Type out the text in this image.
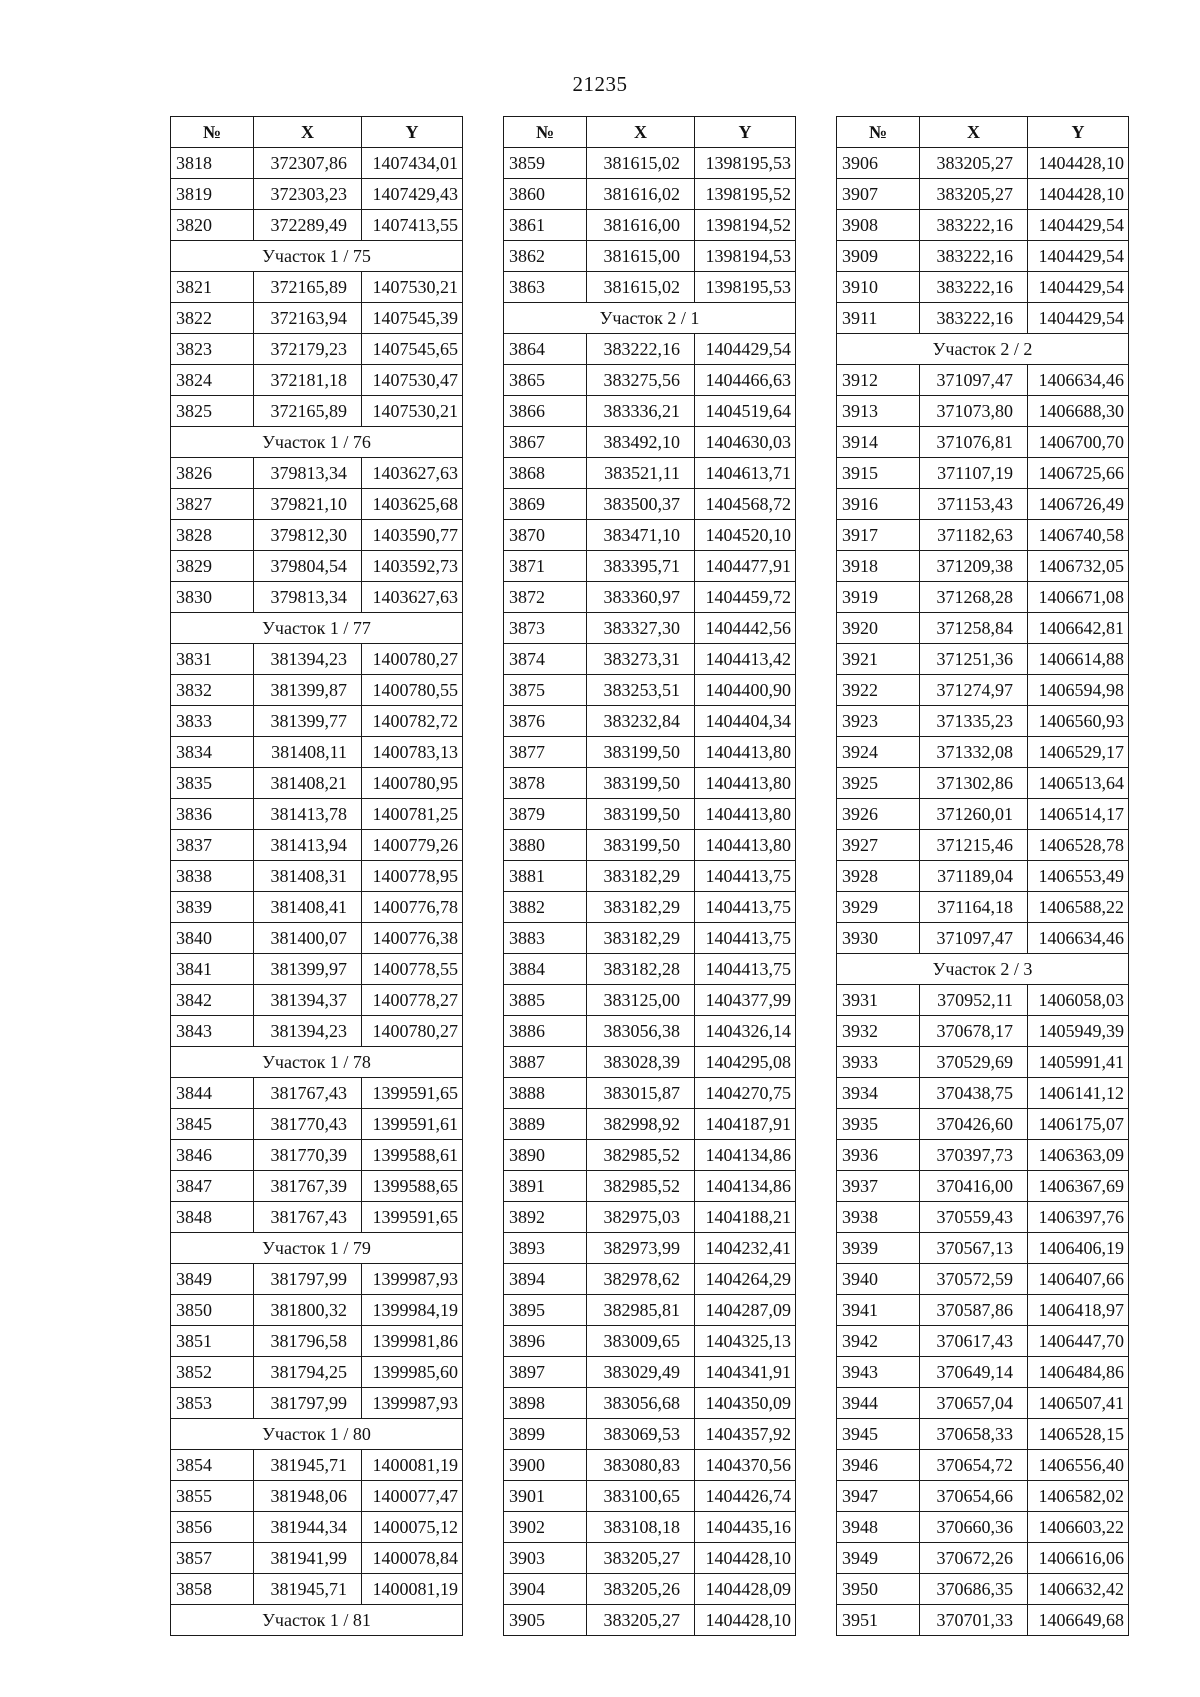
21235
№	X	Y
3818	372307,86	1407434,01
3819	372303,23	1407429,43
3820	372289,49	1407413,55
Участок 1 / 75		
3821	372165,89	1407530,21
3822	372163,94	1407545,39
3823	372179,23	1407545,65
3824	372181,18	1407530,47
3825	372165,89	1407530,21
Участок 1 / 76		
3826	379813,34	1403627,63
3827	379821,10	1403625,68
3828	379812,30	1403590,77
3829	379804,54	1403592,73
3830	379813,34	1403627,63
Участок 1 / 77		
3831	381394,23	1400780,27
3832	381399,87	1400780,55
3833	381399,77	1400782,72
3834	381408,11	1400783,13
3835	381408,21	1400780,95
3836	381413,78	1400781,25
3837	381413,94	1400779,26
3838	381408,31	1400778,95
3839	381408,41	1400776,78
3840	381400,07	1400776,38
3841	381399,97	1400778,55
3842	381394,37	1400778,27
3843	381394,23	1400780,27
Участок 1 / 78		
3844	381767,43	1399591,65
3845	381770,43	1399591,61
3846	381770,39	1399588,61
3847	381767,39	1399588,65
3848	381767,43	1399591,65
Участок 1 / 79		
3849	381797,99	1399987,93
3850	381800,32	1399984,19
3851	381796,58	1399981,86
3852	381794,25	1399985,60
3853	381797,99	1399987,93
Участок 1 / 80		
3854	381945,71	1400081,19
3855	381948,06	1400077,47
3856	381944,34	1400075,12
3857	381941,99	1400078,84
3858	381945,71	1400081,19
Участок 1 / 81		
№	X	Y
3859	381615,02	1398195,53
3860	381616,02	1398195,52
3861	381616,00	1398194,52
3862	381615,00	1398194,53
3863	381615,02	1398195,53
Участок 2 / 1		
3864	383222,16	1404429,54
3865	383275,56	1404466,63
3866	383336,21	1404519,64
3867	383492,10	1404630,03
3868	383521,11	1404613,71
3869	383500,37	1404568,72
3870	383471,10	1404520,10
3871	383395,71	1404477,91
3872	383360,97	1404459,72
3873	383327,30	1404442,56
3874	383273,31	1404413,42
3875	383253,51	1404400,90
3876	383232,84	1404404,34
3877	383199,50	1404413,80
3878	383199,50	1404413,80
3879	383199,50	1404413,80
3880	383199,50	1404413,80
3881	383182,29	1404413,75
3882	383182,29	1404413,75
3883	383182,29	1404413,75
3884	383182,28	1404413,75
3885	383125,00	1404377,99
3886	383056,38	1404326,14
3887	383028,39	1404295,08
3888	383015,87	1404270,75
3889	382998,92	1404187,91
3890	382985,52	1404134,86
3891	382985,52	1404134,86
3892	382975,03	1404188,21
3893	382973,99	1404232,41
3894	382978,62	1404264,29
3895	382985,81	1404287,09
3896	383009,65	1404325,13
3897	383029,49	1404341,91
3898	383056,68	1404350,09
3899	383069,53	1404357,92
3900	383080,83	1404370,56
3901	383100,65	1404426,74
3902	383108,18	1404435,16
3903	383205,27	1404428,10
3904	383205,26	1404428,09
3905	383205,27	1404428,10
№	X	Y
3906	383205,27	1404428,10
3907	383205,27	1404428,10
3908	383222,16	1404429,54
3909	383222,16	1404429,54
3910	383222,16	1404429,54
3911	383222,16	1404429,54
Участок 2 / 2		
3912	371097,47	1406634,46
3913	371073,80	1406688,30
3914	371076,81	1406700,70
3915	371107,19	1406725,66
3916	371153,43	1406726,49
3917	371182,63	1406740,58
3918	371209,38	1406732,05
3919	371268,28	1406671,08
3920	371258,84	1406642,81
3921	371251,36	1406614,88
3922	371274,97	1406594,98
3923	371335,23	1406560,93
3924	371332,08	1406529,17
3925	371302,86	1406513,64
3926	371260,01	1406514,17
3927	371215,46	1406528,78
3928	371189,04	1406553,49
3929	371164,18	1406588,22
3930	371097,47	1406634,46
Участок 2 / 3		
3931	370952,11	1406058,03
3932	370678,17	1405949,39
3933	370529,69	1405991,41
3934	370438,75	1406141,12
3935	370426,60	1406175,07
3936	370397,73	1406363,09
3937	370416,00	1406367,69
3938	370559,43	1406397,76
3939	370567,13	1406406,19
3940	370572,59	1406407,66
3941	370587,86	1406418,97
3942	370617,43	1406447,70
3943	370649,14	1406484,86
3944	370657,04	1406507,41
3945	370658,33	1406528,15
3946	370654,72	1406556,40
3947	370654,66	1406582,02
3948	370660,36	1406603,22
3949	370672,26	1406616,06
3950	370686,35	1406632,42
3951	370701,33	1406649,68
